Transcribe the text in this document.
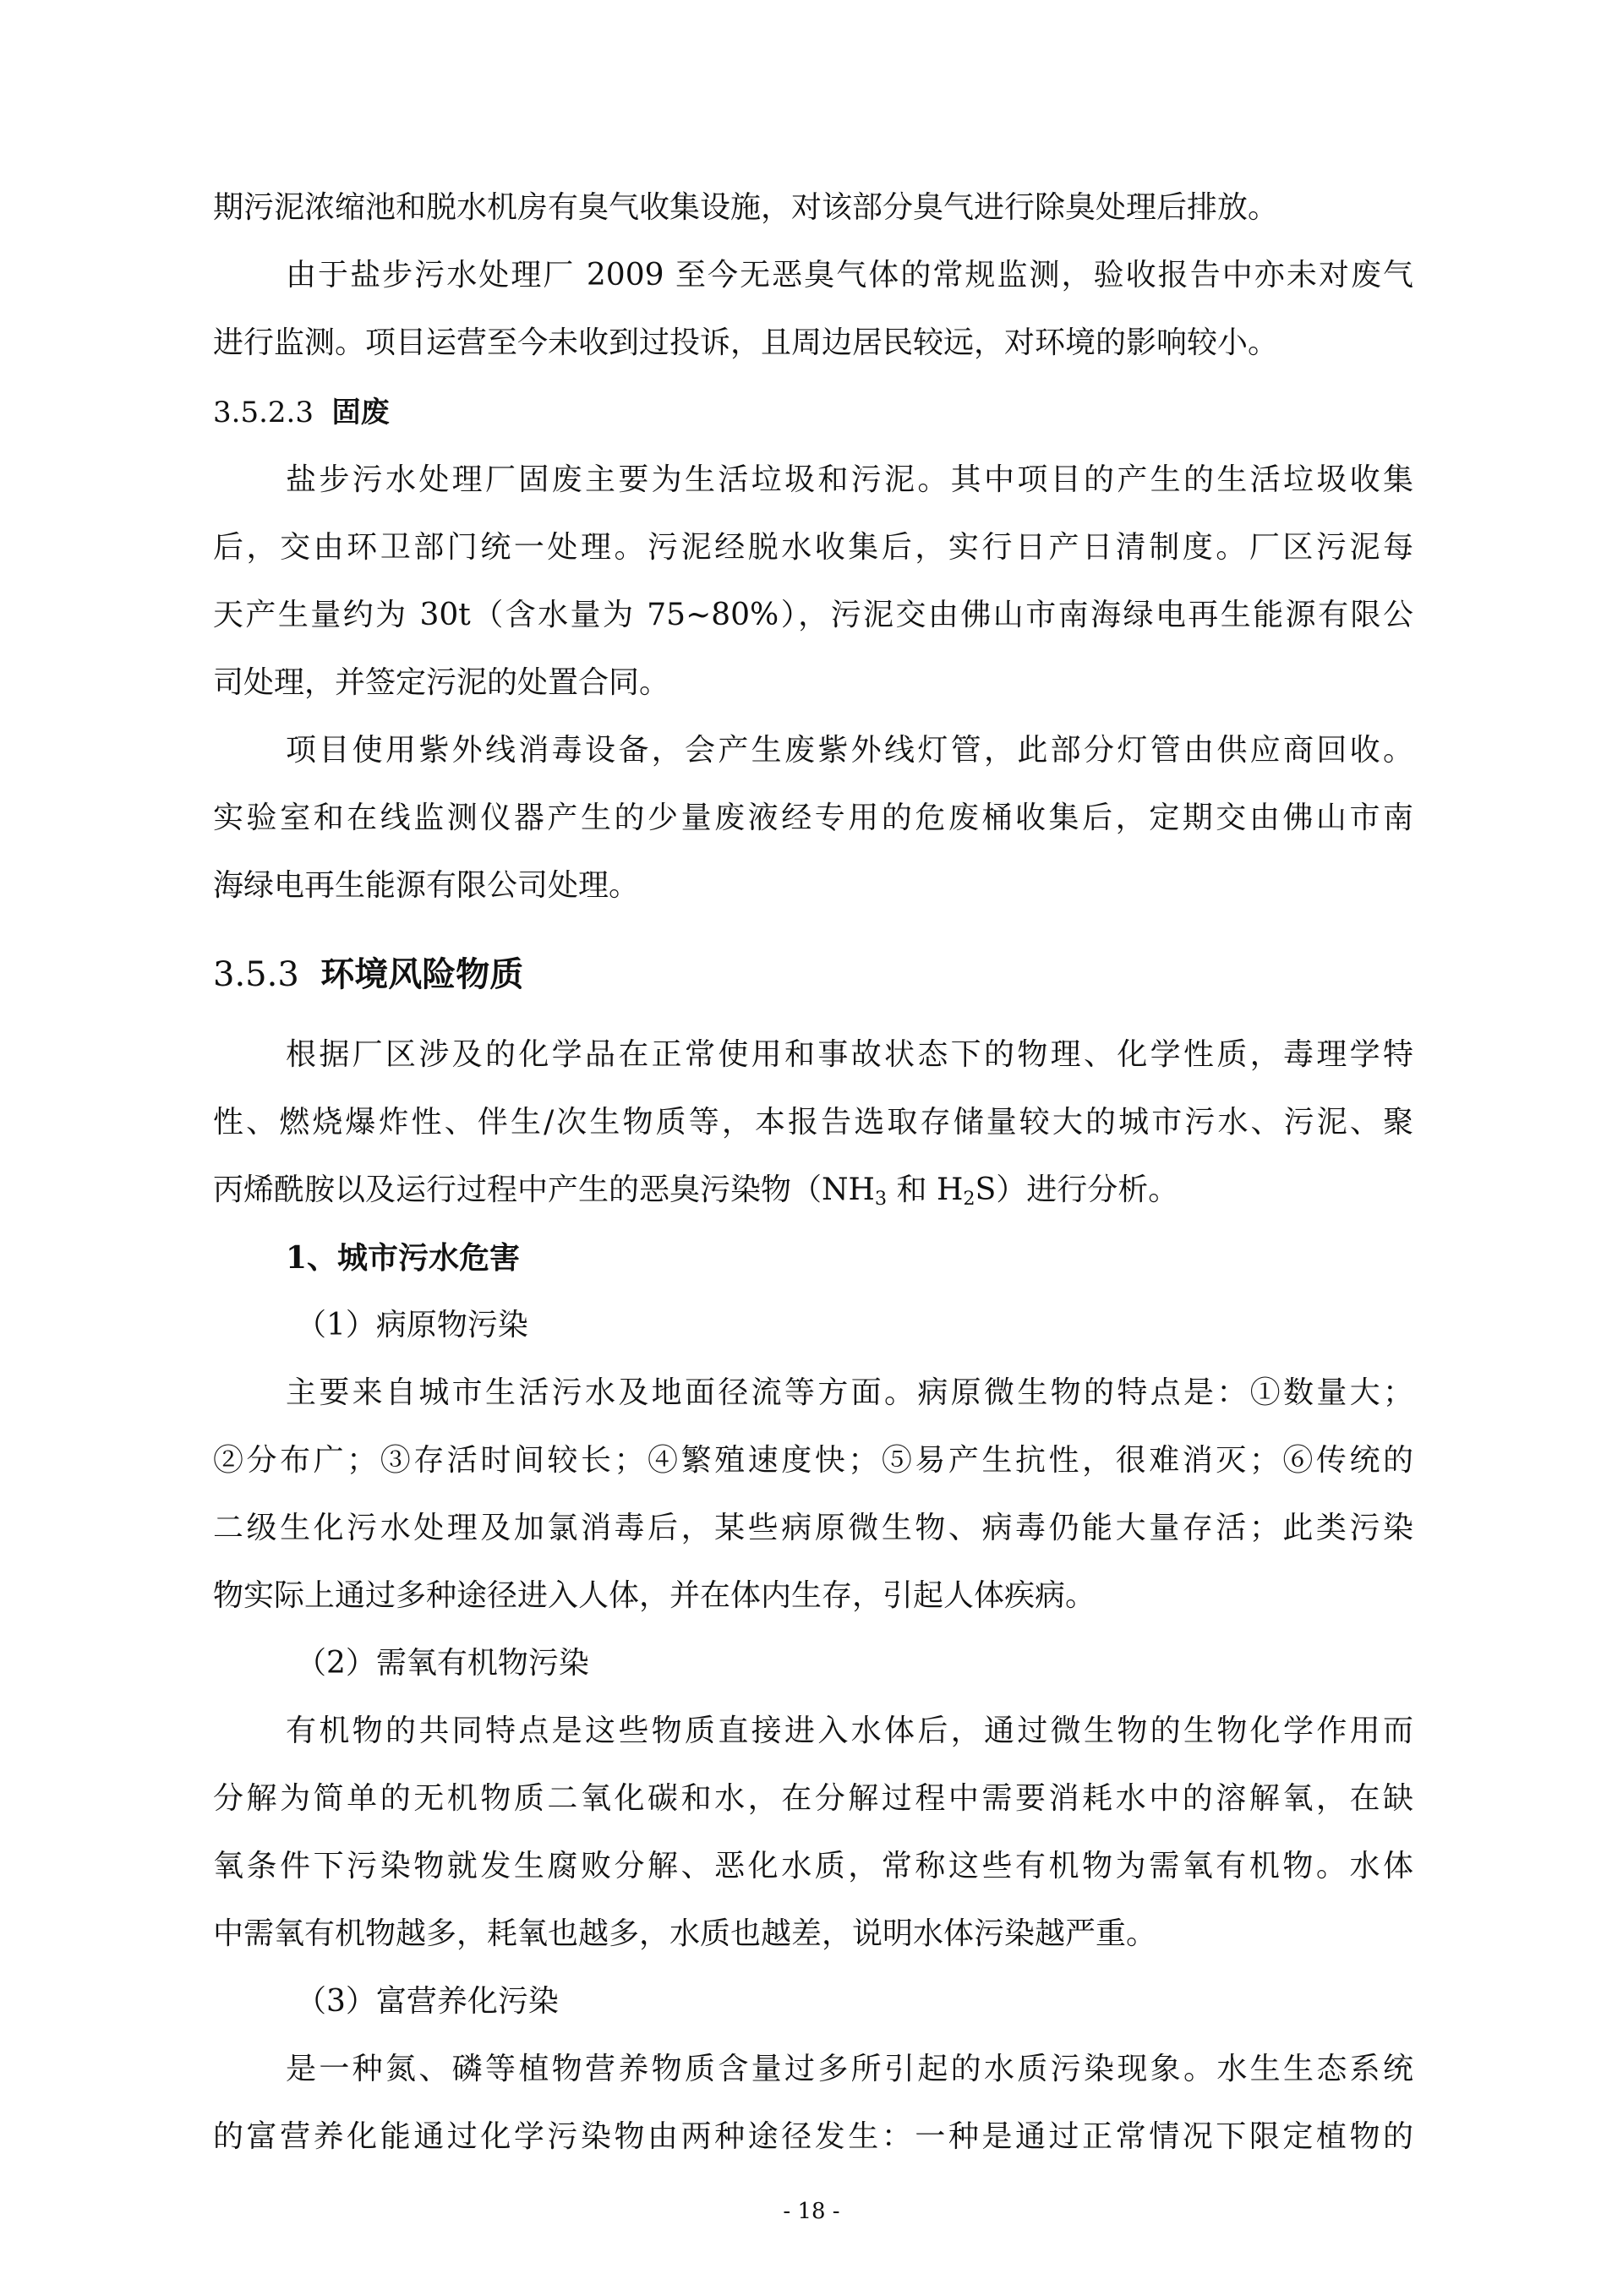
期污泥浓缩池和脱水机房有臭气收集设施，对该部分臭气进行除臭处理后排放。
由于盐步污水处理厂 2009 至今无恶臭气体的常规监测，验收报告中亦未对废气
进行监测。项目运营至今未收到过投诉，且周边居民较远，对环境的影响较小。
3.5.2.3 固废
盐步污水处理厂固废主要为生活垃圾和污泥。其中项目的产生的生活垃圾收集
后，交由环卫部门统一处理。污泥经脱水收集后，实行日产日清制度。厂区污泥每
天产生量约为 30t（含水量为 75~80%），污泥交由佛山市南海绿电再生能源有限公
司处理，并签定污泥的处置合同。
项目使用紫外线消毒设备，会产生废紫外线灯管，此部分灯管由供应商回收。
实验室和在线监测仪器产生的少量废液经专用的危废桶收集后，定期交由佛山市南
海绿电再生能源有限公司处理。
3.5.3 环境风险物质
根据厂区涉及的化学品在正常使用和事故状态下的物理、化学性质，毒理学特
性、燃烧爆炸性、伴生/次生物质等，本报告选取存储量较大的城市污水、污泥、聚
丙烯酰胺以及运行过程中产生的恶臭污染物（$NH_3$ 和 $H_2S$）进行分析。
1、城市污水危害
（1）病原物污染
主要来自城市生活污水及地面径流等方面。病原微生物的特点是：①数量大；
②分布广；③存活时间较长；④繁殖速度快；⑤易产生抗性，很难消灭；⑥传统的
二级生化污水处理及加氯消毒后，某些病原微生物、病毒仍能大量存活；此类污染
物实际上通过多种途径进入人体，并在体内生存，引起人体疾病。
（2）需氧有机物污染
有机物的共同特点是这些物质直接进入水体后，通过微生物的生物化学作用而
分解为简单的无机物质二氧化碳和水，在分解过程中需要消耗水中的溶解氧，在缺
氧条件下污染物就发生腐败分解、恶化水质，常称这些有机物为需氧有机物。水体
中需氧有机物越多，耗氧也越多，水质也越差，说明水体污染越严重。
（3）富营养化污染
是一种氮、磷等植物营养物质含量过多所引起的水质污染现象。水生生态系统
的富营养化能通过化学污染物由两种途径发生：一种是通过正常情况下限定植物的
- 18 -
